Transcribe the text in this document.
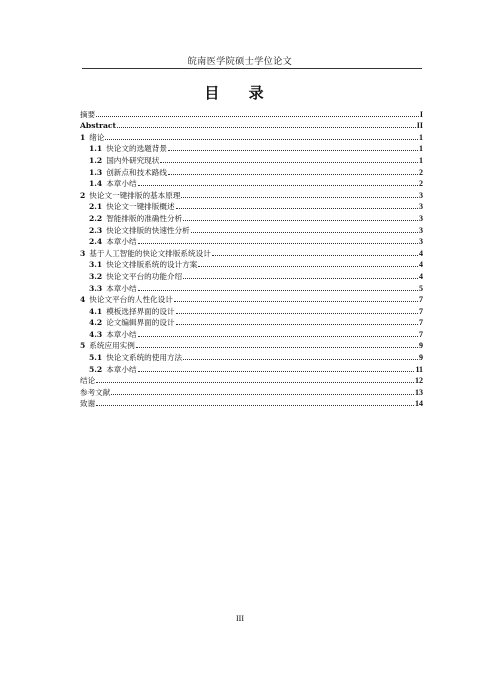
皖南医学院硕士学位论文
目 录
摘要	I
Abstract	II
1 绪论	1
1.1 快论文的选题背景	1
1.2 国内外研究现状	1
1.3 创新点和技术路线	2
1.4 本章小结	2
2 快论文一键排版的基本原理	3
2.1 快论文一键排版概述	3
2.2 智能排版的准确性分析	3
2.3 快论文排版的快速性分析	3
2.4 本章小结	3
3 基于人工智能的快论文排版系统设计	4
3.1 快论文排版系统的设计方案	4
3.2 快论文平台的功能介绍	4
3.3 本章小结	5
4 快论文平台的人性化设计	7
4.1 模板选择界面的设计	7
4.2 论文编辑界面的设计	7
4.3 本章小结	7
5 系统应用实例	9
5.1 快论文系统的使用方法	9
5.2 本章小结	11
结论	12
参考文献	13
致谢	14
III
